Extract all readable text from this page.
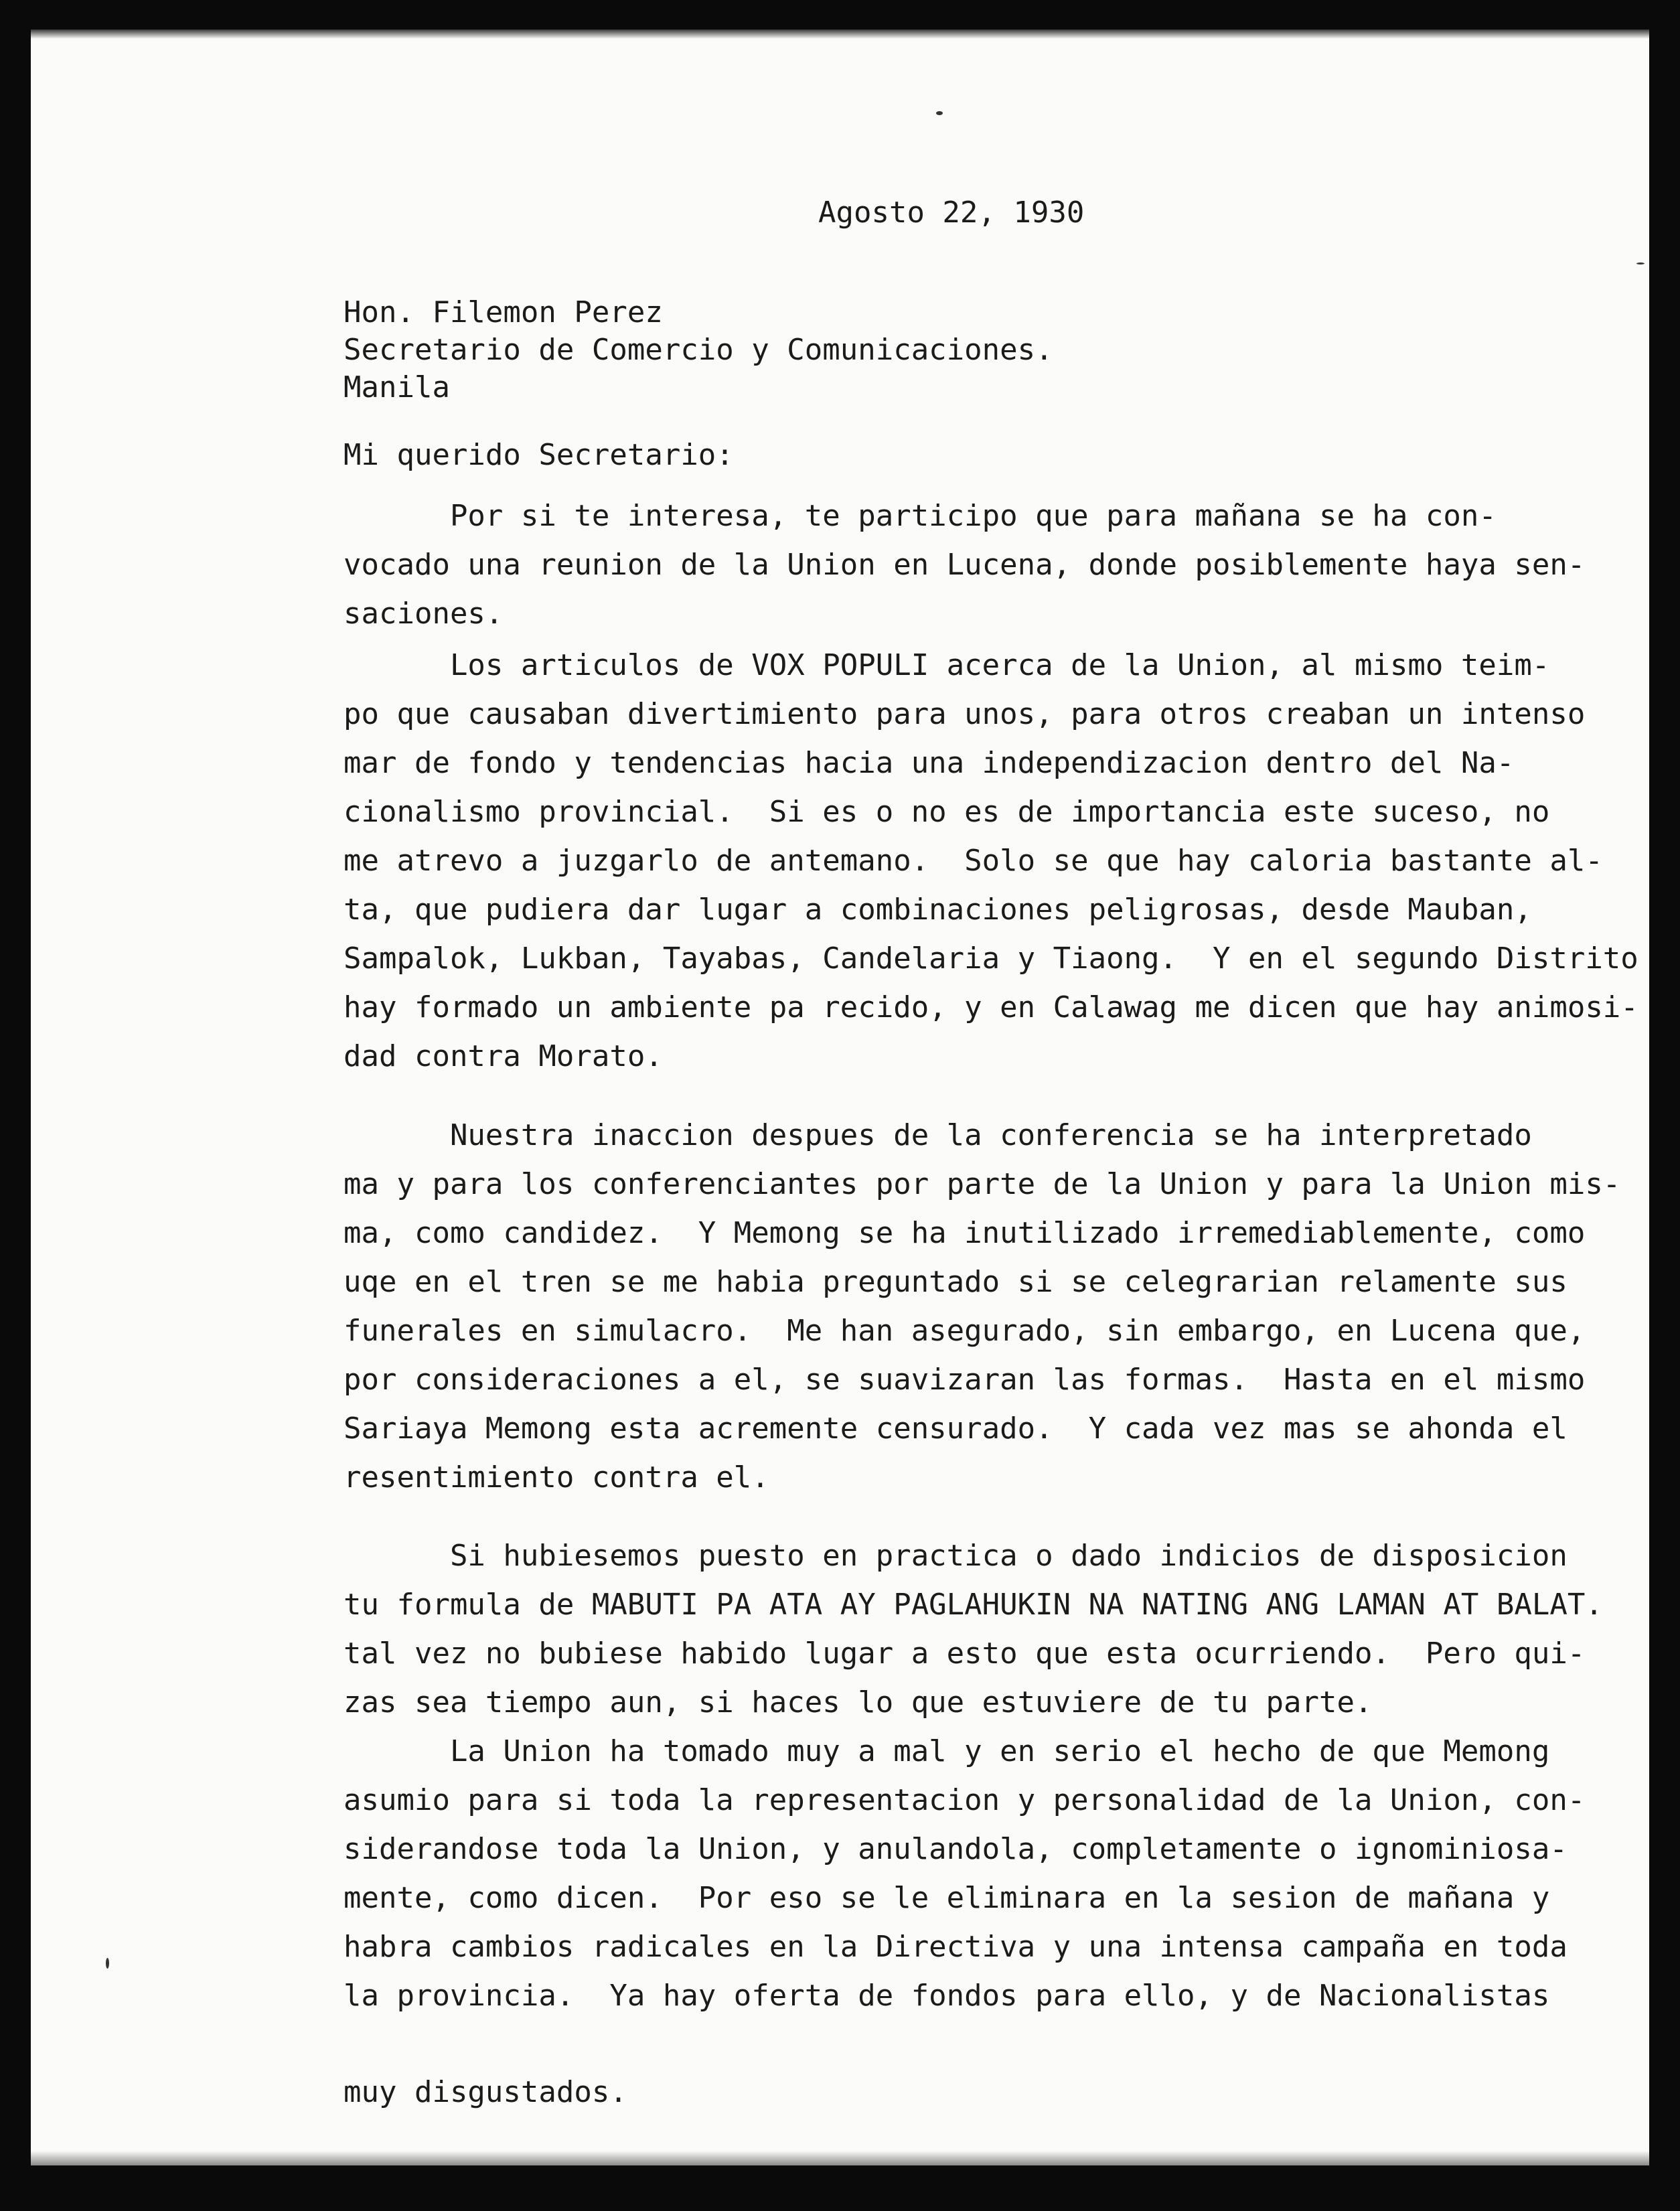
Agosto 22, 1930
Hon. Filemon Perez
Secretario de Comercio y Comunicaciones.
Manila
Mi querido Secretario:
Por si te interesa, te participo que para mañana se ha con-
vocado una reunion de la Union en Lucena, donde posiblemente haya sen-
saciones.
Los articulos de VOX POPULI acerca de la Union, al mismo teim-
po que causaban divertimiento para unos, para otros creaban un intenso
mar de fondo y tendencias hacia una independizacion dentro del Na-
cionalismo provincial.  Si es o no es de importancia este suceso, no
me atrevo a juzgarlo de antemano.  Solo se que hay caloria bastante al-
ta, que pudiera dar lugar a combinaciones peligrosas, desde Mauban,
Sampalok, Lukban, Tayabas, Candelaria y Tiaong.  Y en el segundo Distrito
hay formado un ambiente pa recido, y en Calawag me dicen que hay animosi-
dad contra Morato.
Nuestra inaccion despues de la conferencia se ha interpretado
ma y para los conferenciantes por parte de la Union y para la Union mis-
ma, como candidez.  Y Memong se ha inutilizado irremediablemente, como
uqe en el tren se me habia preguntado si se celegrarian relamente sus
funerales en simulacro.  Me han asegurado, sin embargo, en Lucena que,
por consideraciones a el, se suavizaran las formas.  Hasta en el mismo
Sariaya Memong esta acremente censurado.  Y cada vez mas se ahonda el
resentimiento contra el.
Si hubiesemos puesto en practica o dado indicios de disposicion
tu formula de MABUTI PA ATA AY PAGLAHUKIN NA NATING ANG LAMAN AT BALAT.
tal vez no bubiese habido lugar a esto que esta ocurriendo.  Pero qui-
zas sea tiempo aun, si haces lo que estuviere de tu parte.
La Union ha tomado muy a mal y en serio el hecho de que Memong
asumio para si toda la representacion y personalidad de la Union, con-
siderandose toda la Union, y anulandola, completamente o ignominiosa-
mente, como dicen.  Por eso se le eliminara en la sesion de mañana y
habra cambios radicales en la Directiva y una intensa campaña en toda
la provincia.  Ya hay oferta de fondos para ello, y de Nacionalistas
muy disgustados.
